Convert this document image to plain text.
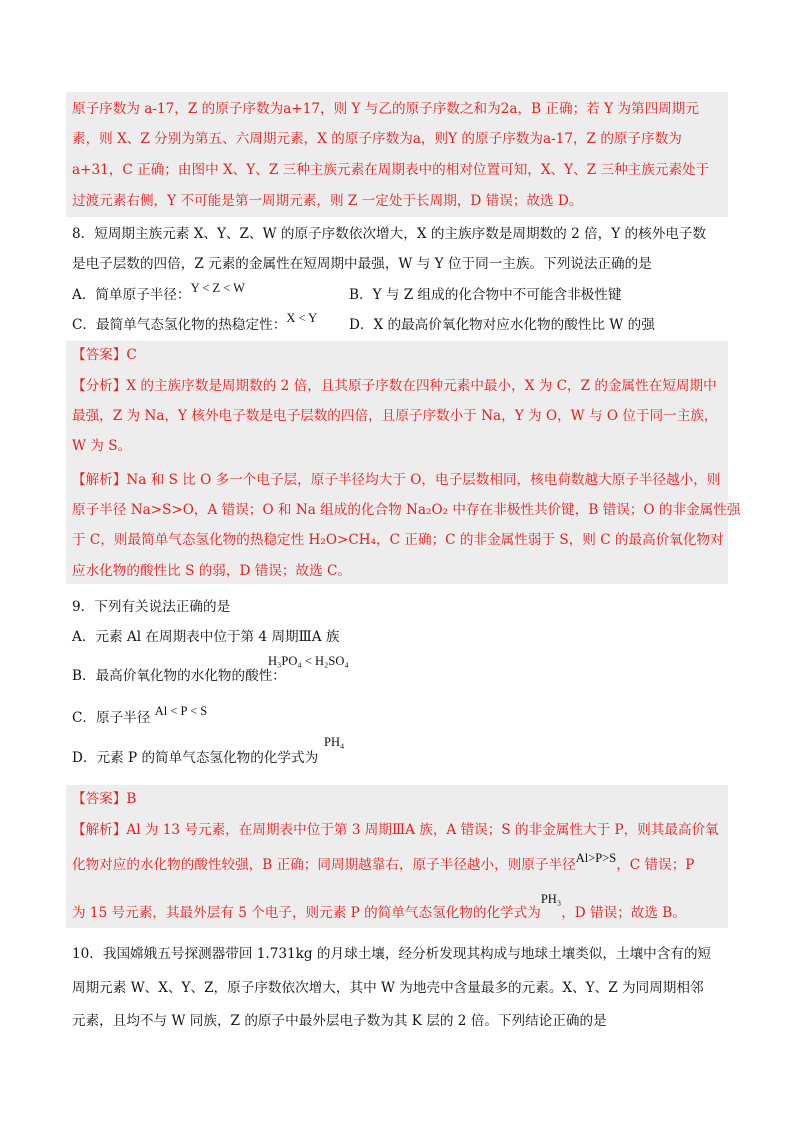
原子序数为 a-17，Z 的原子序数为a+17，则 Y 与乙的原子序数之和为2a，B 正确；若 Y 为第四周期元
素，则 X、Z 分别为第五、六周期元素，X 的原子序数为a，则Y 的原子序数为a-17，Z 的原子序数为
a+31，C 正确；由图中 X、Y、Z 三种主族元素在周期表中的相对位置可知，X、Y、Z 三种主族元素处于
过渡元素右侧，Y 不可能是第一周期元素，则 Z 一定处于长周期，D 错误；故选 D。
8．短周期主族元素 X、Y、Z、W 的原子序数依次增大，X 的主族序数是周期数的 2 倍，Y 的核外电子数
是电子层数的四倍，Z 元素的金属性在短周期中最强，W 与 Y 位于同一主族。下列说法正确的是
A．简单原子半径：Y < Z < W	B．Y 与 Z 组成的化合物中不可能含非极性键
C．最简单气态氢化物的热稳定性：X < Y D．X 的最高价氧化物对应水化物的酸性比 W 的强
【答案】C
【分析】X 的主族序数是周期数的 2 倍，且其原子序数在四种元素中最小，X 为 C，Z 的金属性在短周期中
最强，Z 为 Na，Y 核外电子数是电子层数的四倍，且原子序数小于 Na，Y 为 O，W 与 O 位于同一主族，
W 为 S。
【解析】Na 和 S 比 O 多一个电子层，原子半径均大于 O，电子层数相同，核电荷数越大原子半径越小，则
原子半径 Na>S>O，A 错误；O 和 Na 组成的化合物 Na₂O₂ 中存在非极性共价键，B 错误；O 的非金属性强
于 C，则最简单气态氢化物的热稳定性 H₂O>CH₄，C 正确；C 的非金属性弱于 S，则 C 的最高价氧化物对
应水化物的酸性比 S 的弱，D 错误；故选 C。
9．下列有关说法正确的是
A．元素 Al 在周期表中位于第 4 周期ⅢA 族
B．最高价氧化物的水化物的酸性：
H₃PO₄ < H₂SO₄
C．原子半径 Al < P < S
D．元素 P 的简单气态氢化物的化学式为
PH₄
【答案】B
【解析】Al 为 13 号元素，在周期表中位于第 3 周期ⅢA 族，A 错误；S 的非金属性大于 P，则其最高价氧
化物对应的水化物的酸性较强，B 正确；同周期越靠右，原子半径越小，则原子半径Al>P>S，C 错误；P
为 15 号元素，其最外层有 5 个电子，则元素 P 的简单气态氢化物的化学式为PH₃，D 错误；故选 B。
10．我国嫦娥五号探测器带回 1.731kg 的月球土壤，经分析发现其构成与地球土壤类似，土壤中含有的短
周期元素 W、X、Y、Z，原子序数依次增大，其中 W 为地壳中含量最多的元素。X、Y、Z 为同周期相邻
元素，且均不与 W 同族，Z 的原子中最外层电子数为其 K 层的 2 倍。下列结论正确的是
